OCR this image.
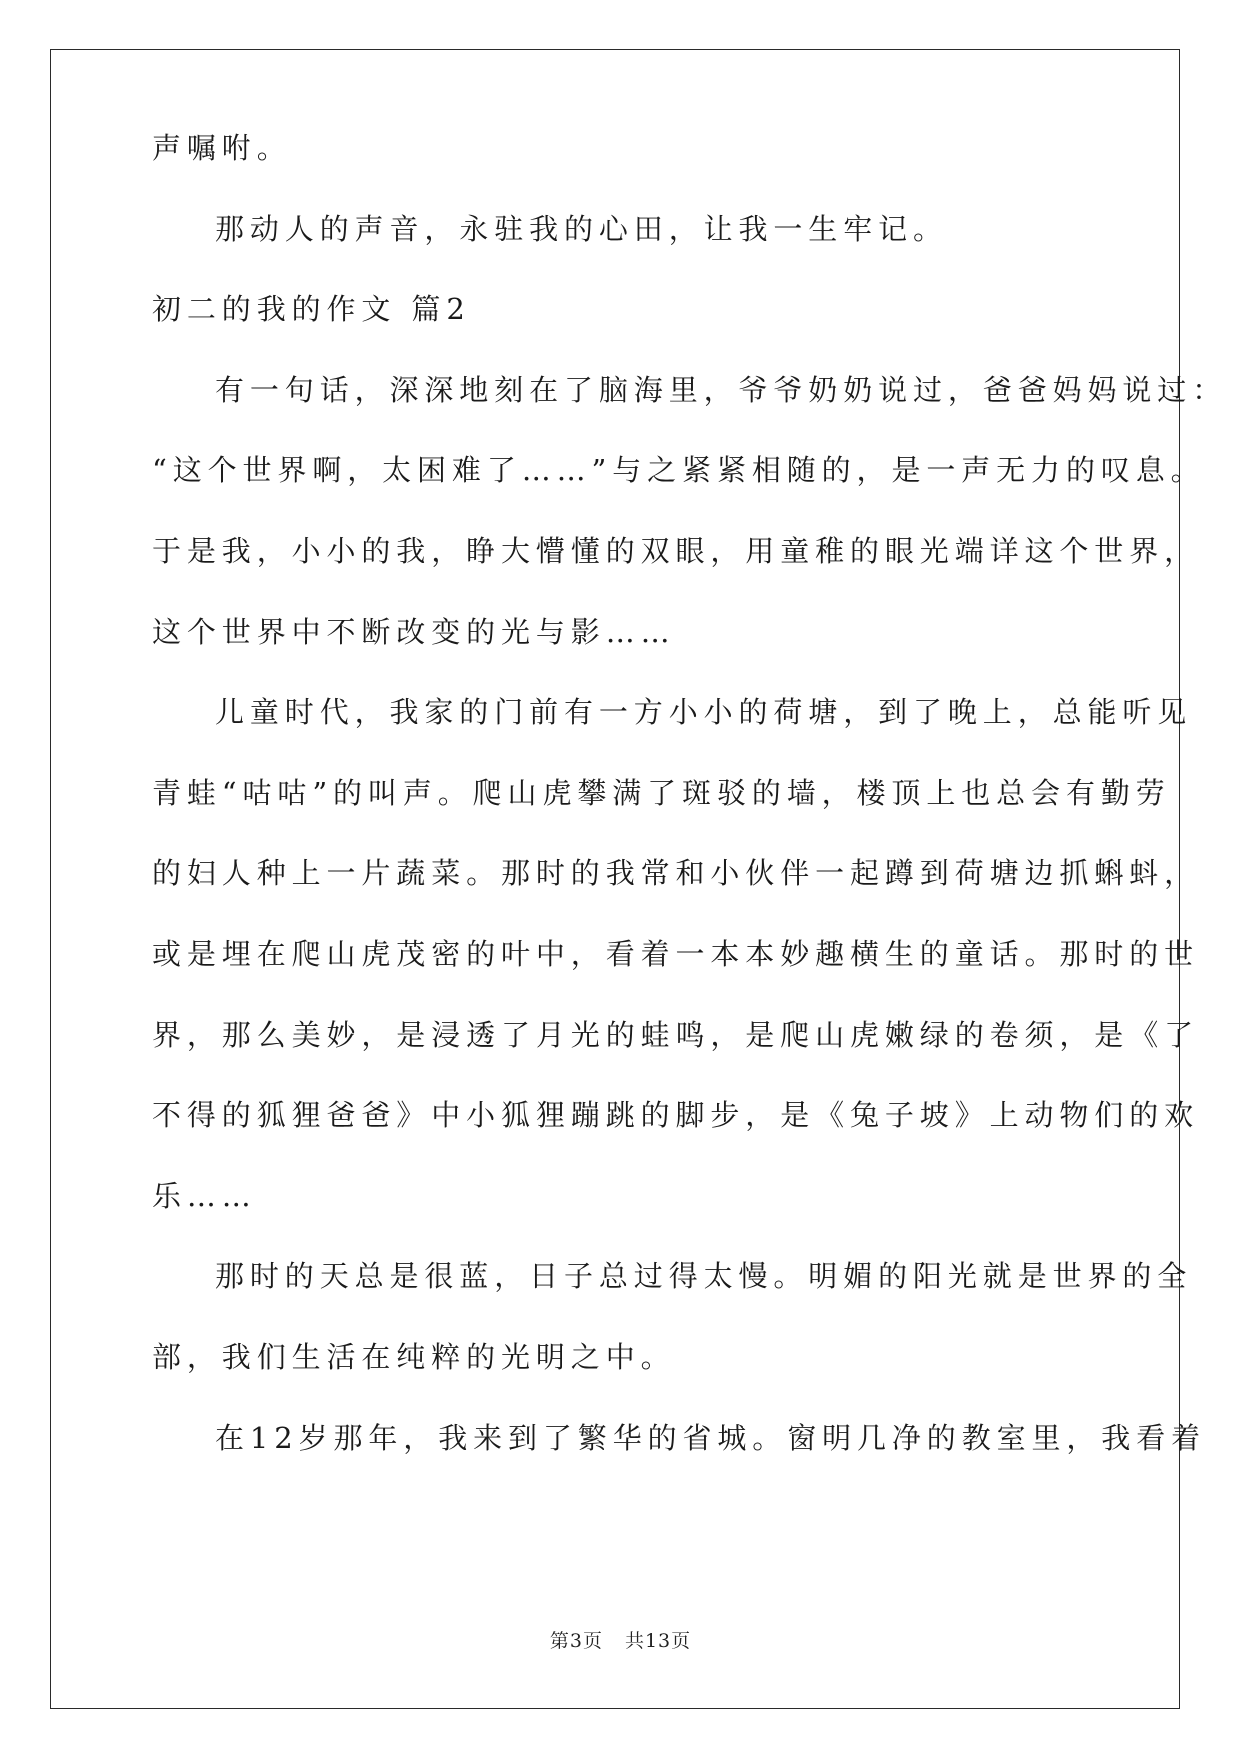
声嘱咐。
那动人的声音，永驻我的心田，让我一生牢记。
初二的我的作文 篇2
有一句话，深深地刻在了脑海里，爷爷奶奶说过，爸爸妈妈说过：
“这个世界啊，太困难了……”与之紧紧相随的，是一声无力的叹息。
于是我，小小的我，睁大懵懂的双眼，用童稚的眼光端详这个世界，
这个世界中不断改变的光与影……
儿童时代，我家的门前有一方小小的荷塘，到了晚上，总能听见
青蛙“咕咕”的叫声。爬山虎攀满了斑驳的墙，楼顶上也总会有勤劳
的妇人种上一片蔬菜。那时的我常和小伙伴一起蹲到荷塘边抓蝌蚪，
或是埋在爬山虎茂密的叶中，看着一本本妙趣横生的童话。那时的世
界，那么美妙，是浸透了月光的蛙鸣，是爬山虎嫩绿的卷须，是《了
不得的狐狸爸爸》中小狐狸蹦跳的脚步，是《兔子坡》上动物们的欢
乐……
那时的天总是很蓝，日子总过得太慢。明媚的阳光就是世界的全
部，我们生活在纯粹的光明之中。
在12岁那年，我来到了繁华的省城。窗明几净的教室里，我看着
第3页 共13页
